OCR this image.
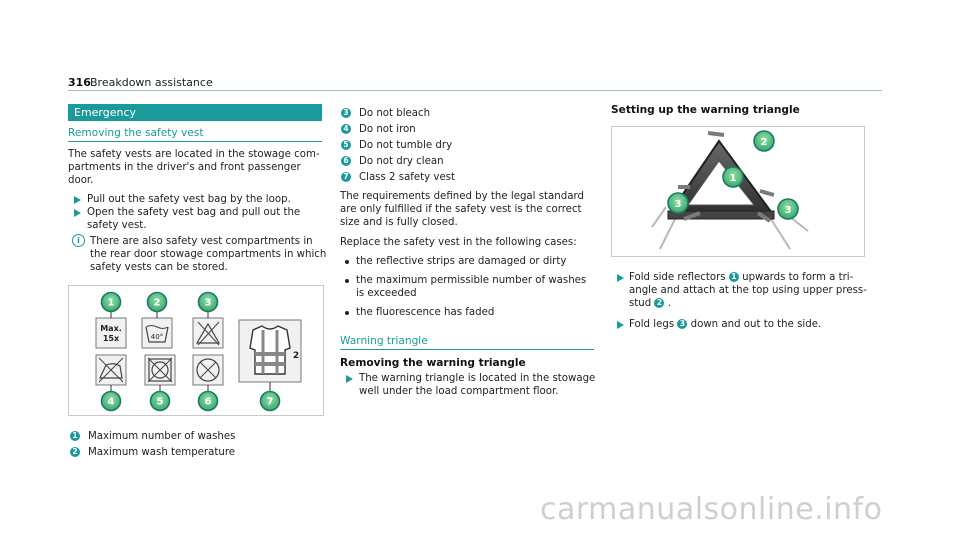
316 Breakdown assistance
Emergency
Removing the safety vest
The safety vests are located in the stowage com-
partments in the driver's and front passenger
door.
Pull out the safety vest bag by the loop.
Open the safety vest bag and pull out the
safety vest.
i There are also safety vest compartments in
the rear door stowage compartments in which
safety vests can be stored.
Max.
15x	40°
2
1	2	3
4	5	6	7
1 Maximum number of washes
2 Maximum wash temperature
3 Do not bleach
4 Do not iron
5 Do not tumble dry
6 Do not dry clean
7 Class 2 safety vest
The requirements defined by the legal standard
are only fulfilled if the safety vest is the correct
size and is fully closed.
Replace the safety vest in the following cases:
the reflective strips are damaged or dirty
the maximum permissible number of washes
is exceeded
the fluorescence has faded
Warning triangle
Removing the warning triangle
The warning triangle is located in the stowage
well under the load compartment floor.
Setting up the warning triangle
1
2
3
3
Fold side reflectors 1 upwards to form a tri-
angle and attach at the top using upper press-
stud 2 .
Fold legs 3 down and out to the side.
carmanualsonline.info
